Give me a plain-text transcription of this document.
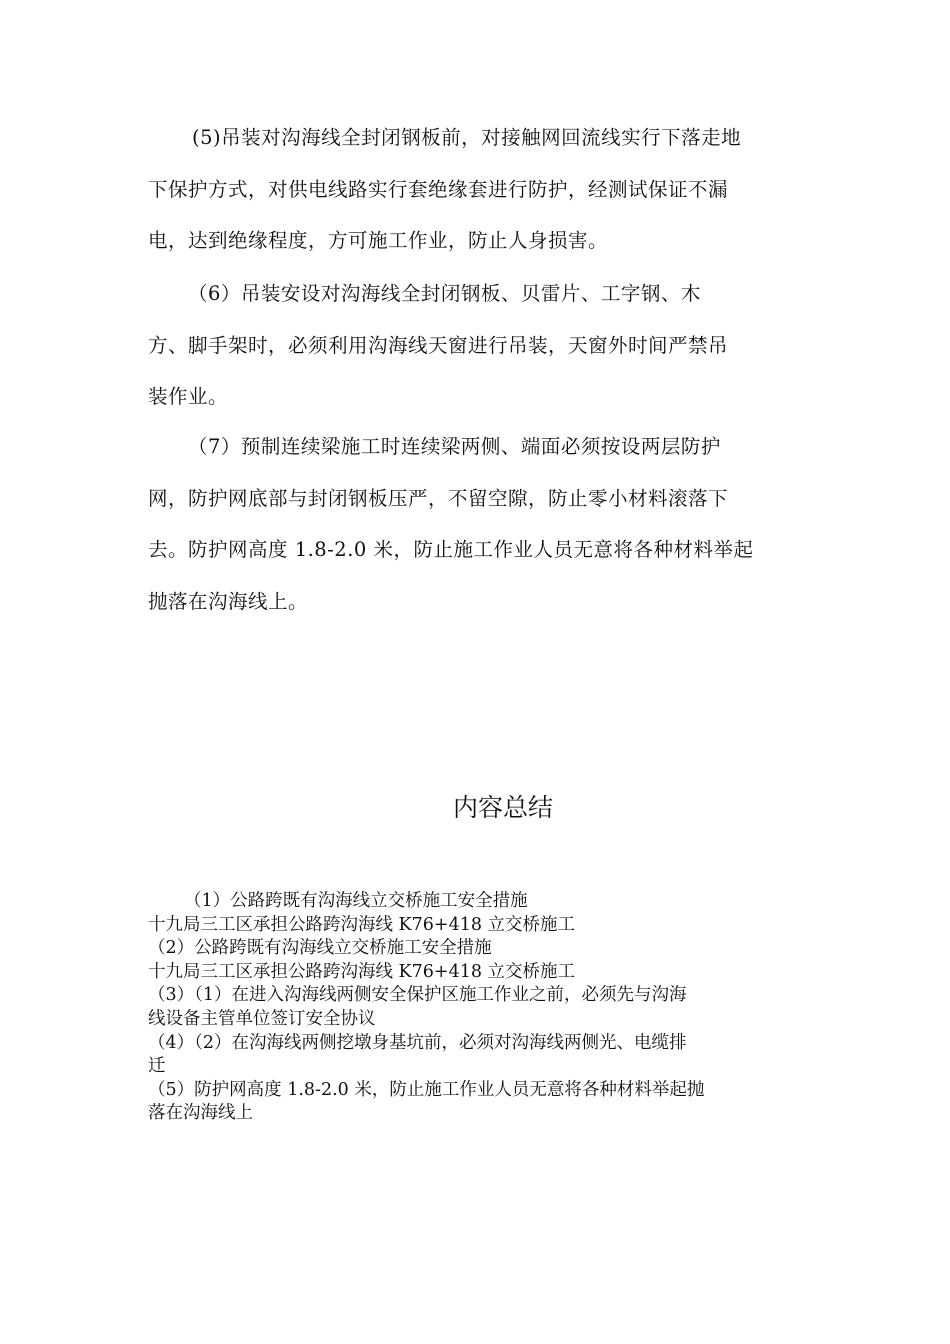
(5)吊装对沟海线全封闭钢板前，对接触网回流线实行下落走地
下保护方式，对供电线路实行套绝缘套进行防护，经测试保证不漏
电，达到绝缘程度，方可施工作业，防止人身损害。

（6）吊装安设对沟海线全封闭钢板、贝雷片、工字钢、木
方、脚手架时，必须利用沟海线天窗进行吊装，天窗外时间严禁吊
装作业。

（7）预制连续梁施工时连续梁两侧、端面必须按设两层防护
网，防护网底部与封闭钢板压严，不留空隙，防止零小材料滚落下
去。防护网高度 1.8-2.0 米，防止施工作业人员无意将各种材料举起
抛落在沟海线上。

内容总结
（1）公路跨既有沟海线立交桥施工安全措施
十九局三工区承担公路跨沟海线 K76+418 立交桥施工
（2）公路跨既有沟海线立交桥施工安全措施
十九局三工区承担公路跨沟海线 K76+418 立交桥施工
（3）（1）在进入沟海线两侧安全保护区施工作业之前，必须先与沟海
线设备主管单位签订安全协议
（4）（2）在沟海线两侧挖墩身基坑前，必须对沟海线两侧光、电缆排
迁
（5）防护网高度 1.8-2.0 米，防止施工作业人员无意将各种材料举起抛
落在沟海线上
